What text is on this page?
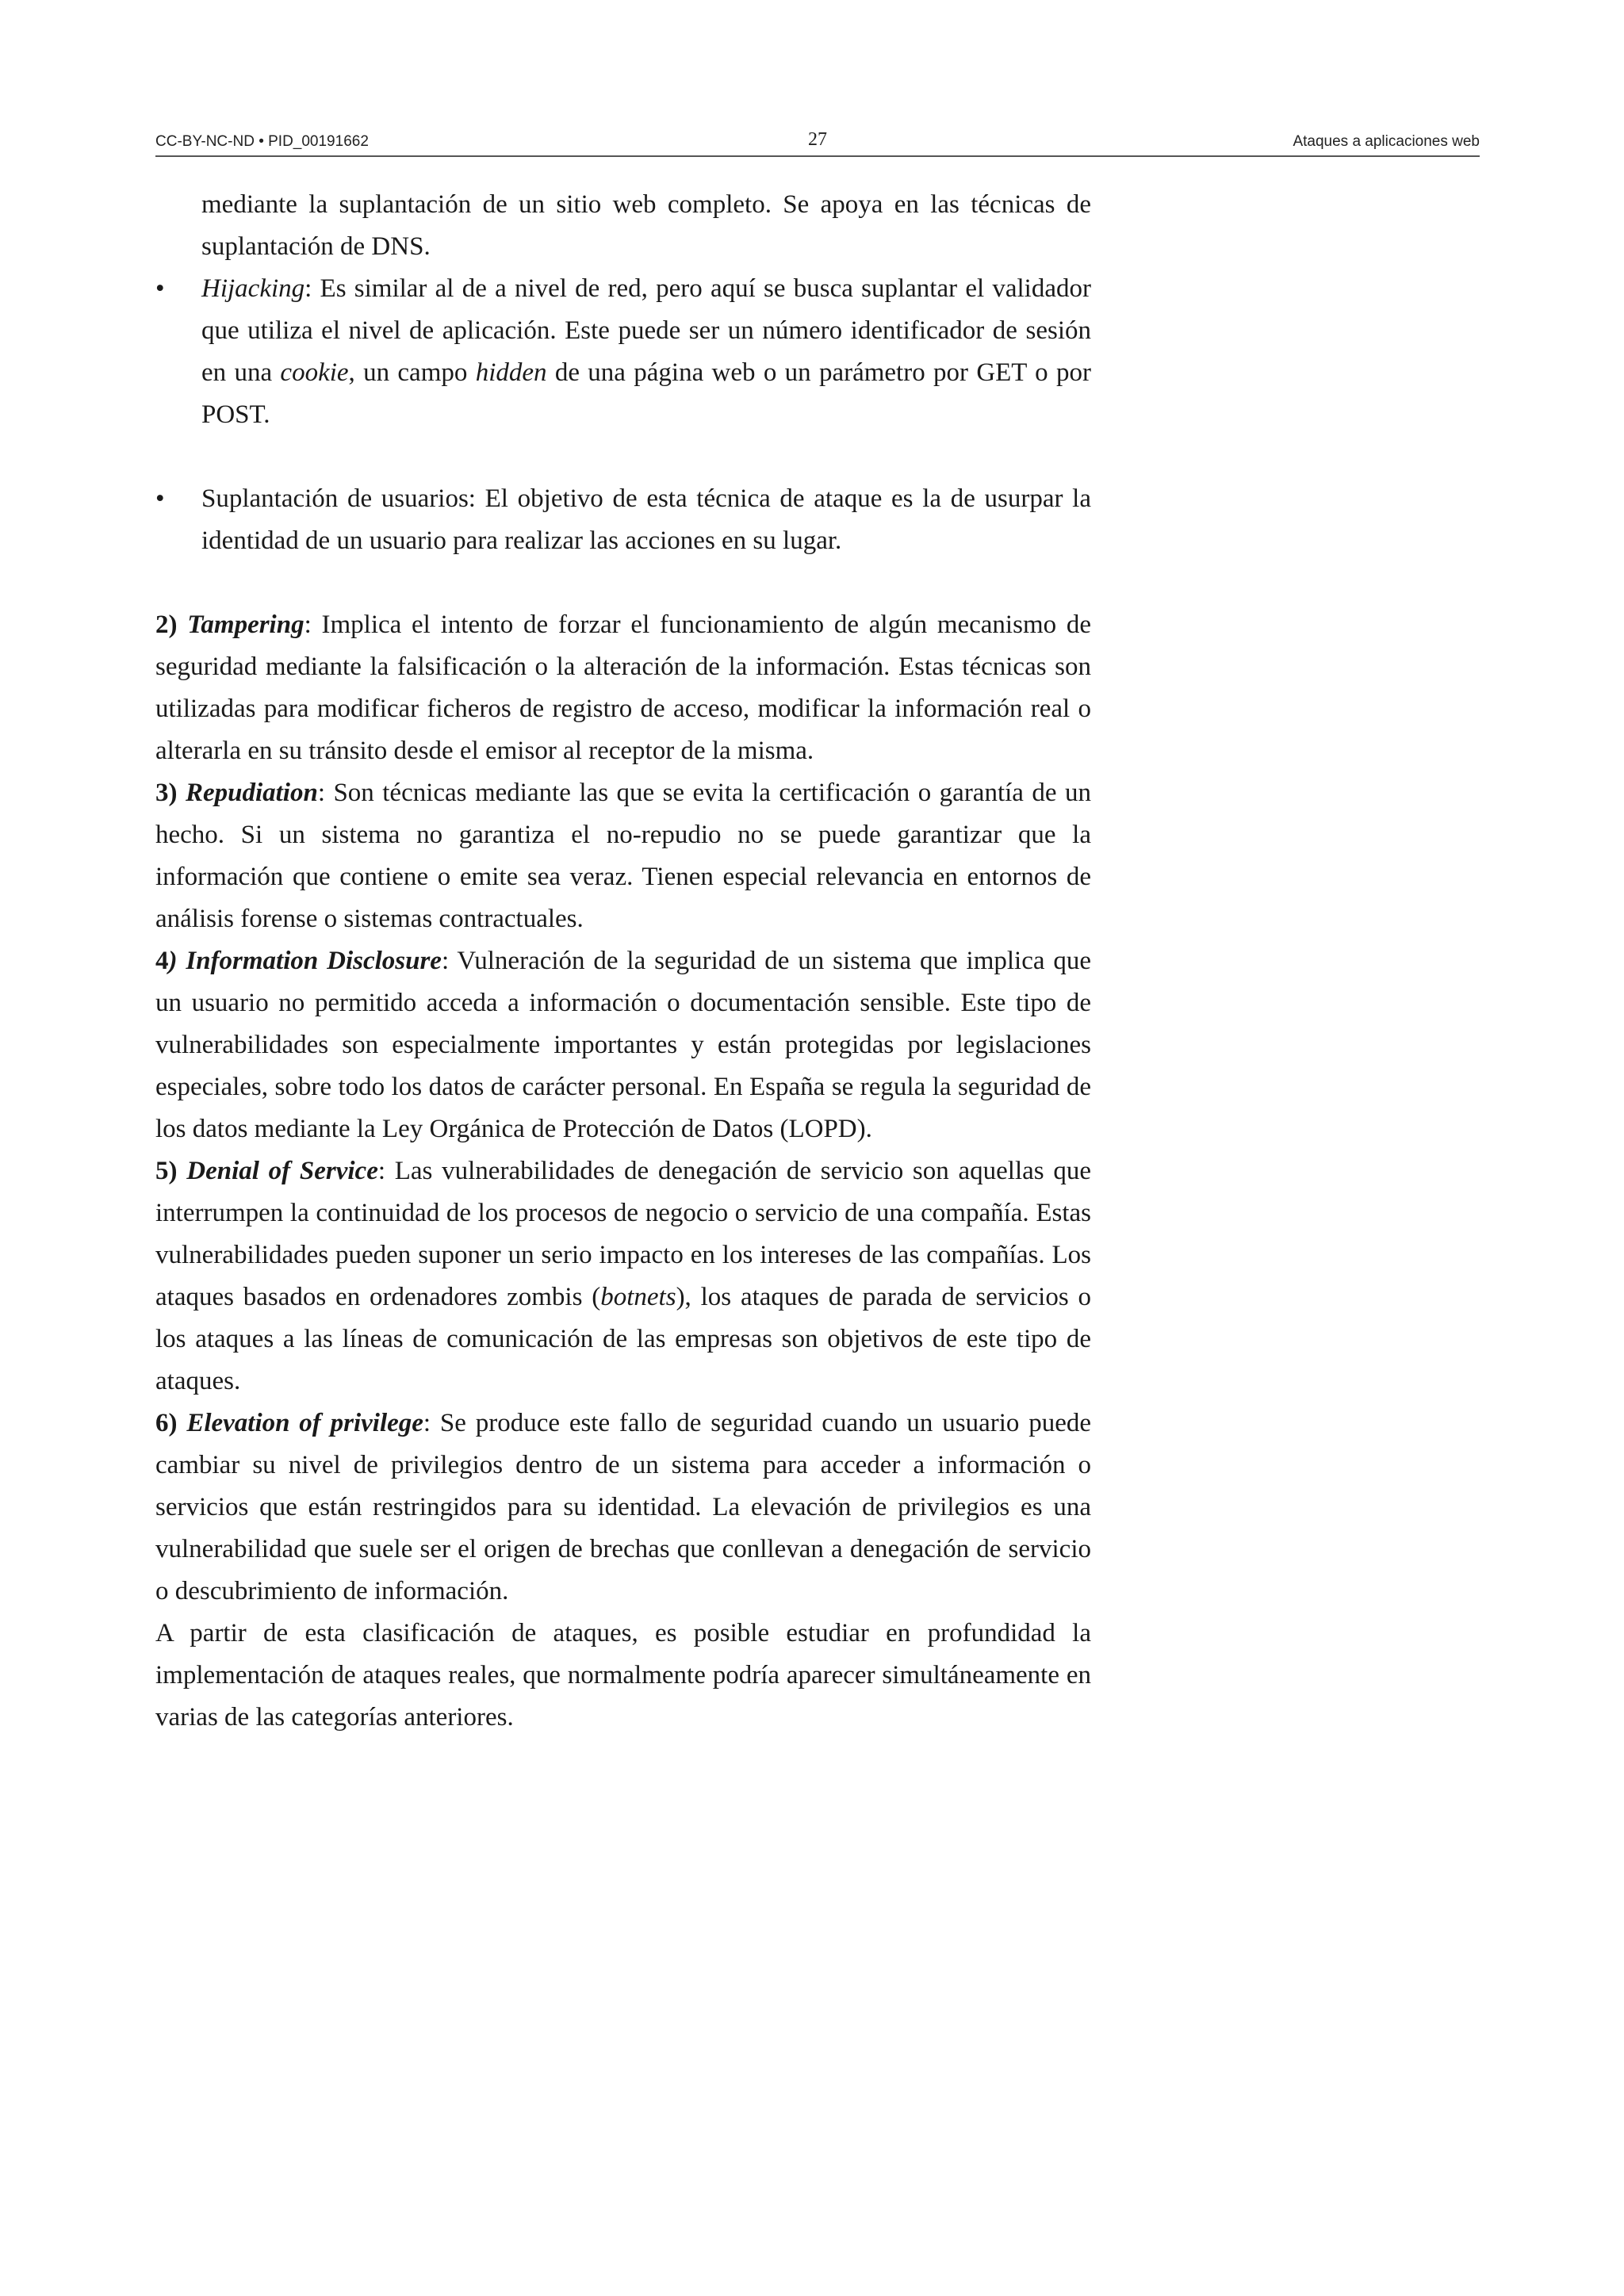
CC-BY-NC-ND • PID_00191662	27	Ataques a aplicaciones web

mediante la suplantación de un sitio web completo. Se apoya en las técnicas de suplantación de DNS.

•	Hijacking: Es similar al de a nivel de red, pero aquí se busca suplantar el validador que utiliza el nivel de aplicación. Este puede ser un número identificador de sesión en una cookie, un campo hidden de una página web o un parámetro por GET o por POST.

•	Suplantación de usuarios: El objetivo de esta técnica de ataque es la de usurpar la identidad de un usuario para realizar las acciones en su lugar.

2) Tampering: Implica el intento de forzar el funcionamiento de algún mecanismo de seguridad mediante la falsificación o la alteración de la información. Estas técnicas son utilizadas para modificar ficheros de registro de acceso, modificar la información real o alterarla en su tránsito desde el emisor al receptor de la misma.

3) Repudiation: Son técnicas mediante las que se evita la certificación o garantía de un hecho. Si un sistema no garantiza el no-repudio no se puede garantizar que la información que contiene o emite sea veraz. Tienen especial relevancia en entornos de análisis forense o sistemas contractuales.

4) Information Disclosure: Vulneración de la seguridad de un sistema que implica que un usuario no permitido acceda a información o documentación sensible. Este tipo de vulnerabilidades son especialmente importantes y están protegidas por legislaciones especiales, sobre todo los datos de carácter personal. En España se regula la seguridad de los datos mediante la Ley Orgánica de Protección de Datos (LOPD).

5) Denial of Service: Las vulnerabilidades de denegación de servicio son aquellas que interrumpen la continuidad de los procesos de negocio o servicio de una compañía. Estas vulnerabilidades pueden suponer un serio impacto en los intereses de las compañías. Los ataques basados en ordenadores zombis (botnets), los ataques de parada de servicios o los ataques a las líneas de comunicación de las empresas son objetivos de este tipo de ataques.

6) Elevation of privilege: Se produce este fallo de seguridad cuando un usuario puede cambiar su nivel de privilegios dentro de un sistema para acceder a información o servicios que están restringidos para su identidad. La elevación de privilegios es una vulnerabilidad que suele ser el origen de brechas que conllevan a denegación de servicio o descubrimiento de información.

A partir de esta clasificación de ataques, es posible estudiar en profundidad la implementación de ataques reales, que normalmente podría aparecer simultáneamente en varias de las categorías anteriores.
